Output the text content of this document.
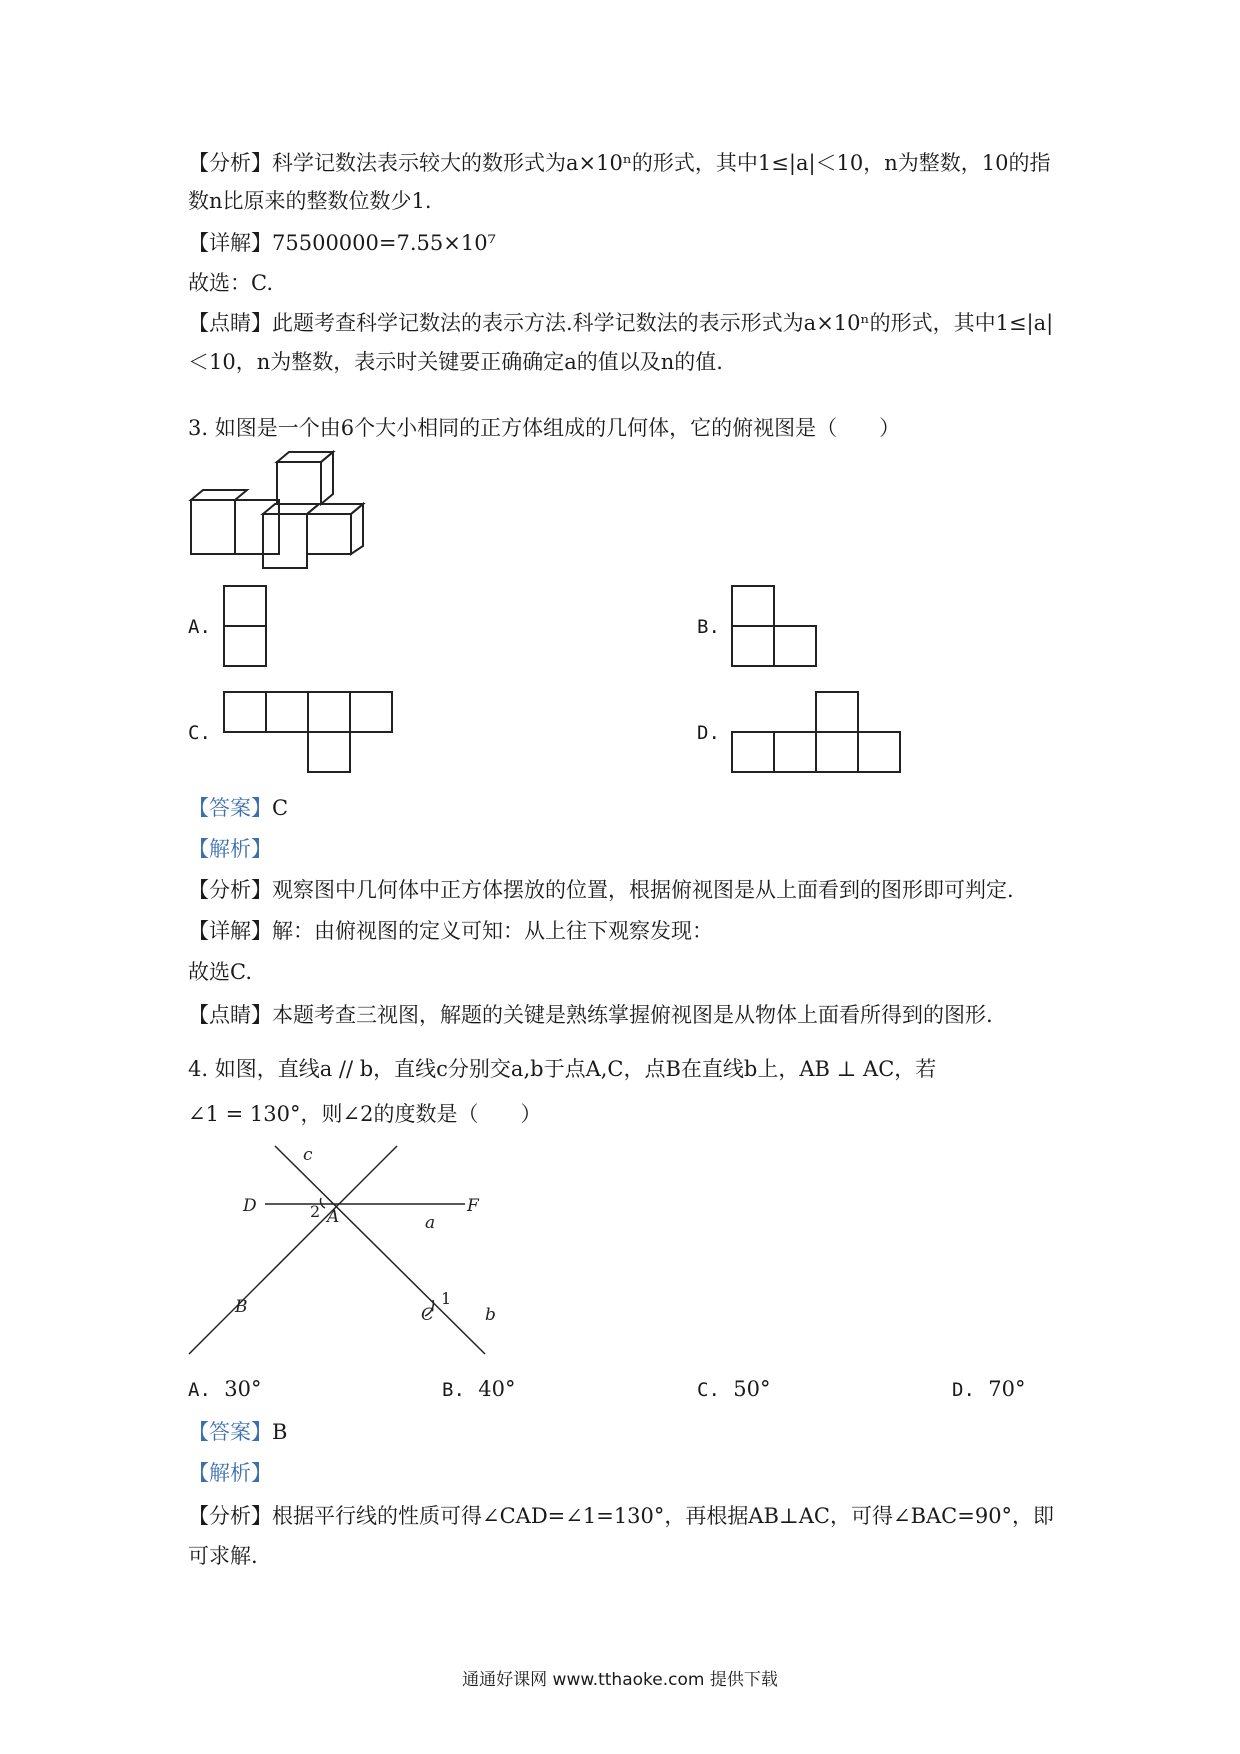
【分析】科学记数法表示较大的数形式为a×10ⁿ的形式，其中1≤|a|＜10，n为整数，10的指
数n比原来的整数位数少1.
【详解】75500000=7.55×10⁷
故选：C.
【点睛】此题考查科学记数法的表示方法.科学记数法的表示形式为a×10ⁿ的形式，其中1≤|a|
＜10，n为整数，表示时关键要正确确定a的值以及n的值.
3. 如图是一个由6个大小相同的正方体组成的几何体，它的俯视图是（　　）
A.	B.
C.	D.
【答案】C
【解析】
【分析】观察图中几何体中正方体摆放的位置，根据俯视图是从上面看到的图形即可判定.
【详解】解：由俯视图的定义可知：从上往下观察发现：
故选C.
【点睛】本题考查三视图，解题的关键是熟练掌握俯视图是从物体上面看所得到的图形.
4. 如图，直线a // b，直线c分别交a,b于点A,C，点B在直线b上，AB ⊥ AC，若
∠1 = 130°，则∠2的度数是（　　）
c
D	F
a
A
B	C	b
2
1
A. 30°	B. 40°	C. 50°	D. 70°
【答案】B
【解析】
【分析】根据平行线的性质可得∠CAD=∠1=130°，再根据AB⊥AC，可得∠BAC=90°，即
可求解.
通通好课网 www.tthaoke.com 提供下载
